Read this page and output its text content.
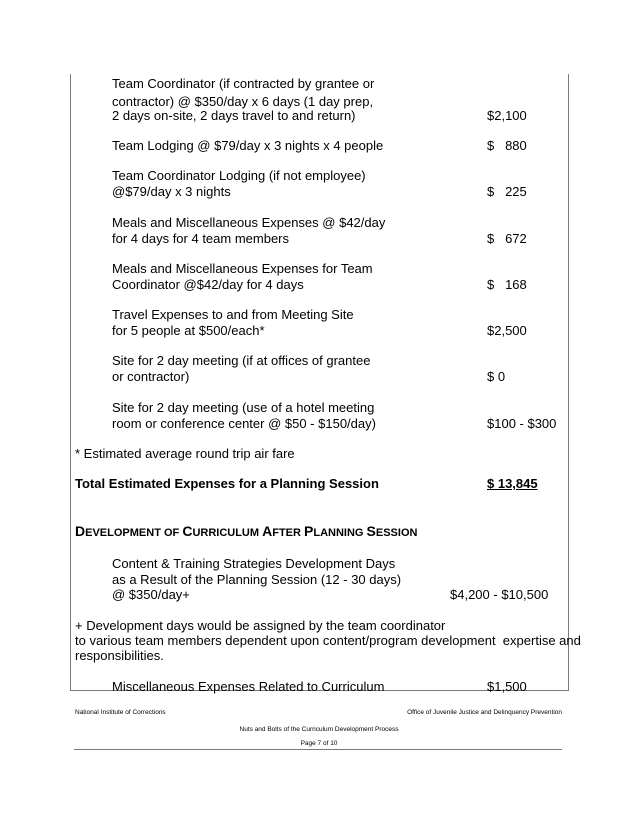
Team Coordinator (if contracted by grantee or
contractor) @ $350/day x 6 days (1 day prep,
2 days on-site, 2 days travel to and return)	$2,100
Team Lodging @ $79/day x 3 nights x 4 people	$   880
Team Coordinator Lodging (if not employee)
@$79/day x 3 nights	$   225
Meals and Miscellaneous Expenses @ $42/day
for 4 days for 4 team members	$   672
Meals and Miscellaneous Expenses for Team
Coordinator @$42/day for 4 days	$   168
Travel Expenses to and from Meeting Site
for 5 people at $500/each*	$2,500
Site for 2 day meeting (if at offices of grantee
or contractor)	$ 0
Site for 2 day meeting (use of a hotel meeting
room or conference center @ $50 - $150/day)	$100 - $300
* Estimated average round trip air fare
Total Estimated Expenses for a Planning Session	$ 13,845
DEVELOPMENT OF CURRICULUM AFTER PLANNING SESSION
Content & Training Strategies Development Days
as a Result of the Planning Session (12 - 30 days)
@ $350/day+	$4,200 - $10,500
+ Development days would be assigned by the team coordinator
to various team members dependent upon content/program development  expertise and
responsibilities.
Miscellaneous Expenses Related to Curriculum	$1,500
National Institute of Corrections	Office of Juvenile Justice and Delinquency Prevention
Nuts and Bolts of the Curriculum Development Process
Page 7 of 10
